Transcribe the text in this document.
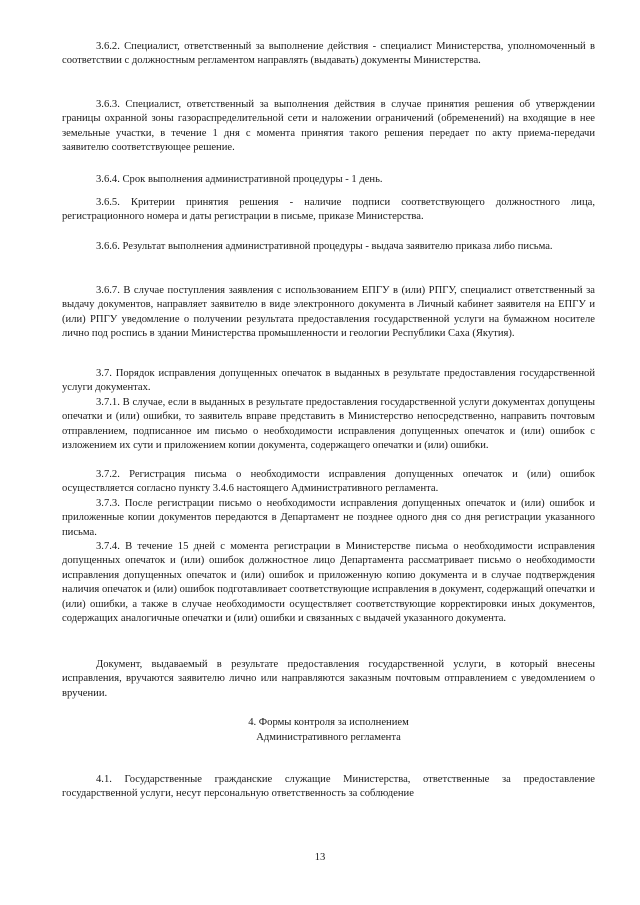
3.6.2. Специалист, ответственный за выполнение действия - специалист Министерства, уполномоченный в соответствии с должностным регламентом направлять (выдавать) документы Министерства.

3.6.3. Специалист, ответственный за выполнения действия в случае принятия решения об утверждении границы охранной зоны газораспределительной сети и наложении ограничений (обременений) на входящие в нее земельные участки, в течение 1 дня с момента принятия такого решения передает по акту приема-передачи заявителю соответствующее решение.

3.6.4. Срок выполнения административной процедуры - 1 день.

3.6.5. Критерии принятия решения - наличие подписи соответствующего должностного лица, регистрационного номера и даты регистрации в письме, приказе Министерства.

3.6.6. Результат выполнения административной процедуры - выдача заявителю приказа либо письма.

3.6.7. В случае поступления заявления с использованием ЕПГУ в (или) РПГУ, специалист ответственный за выдачу документов, направляет заявителю в виде электронного документа в Личный кабинет заявителя на ЕПГУ и (или) РПГУ уведомление о получении результата предоставления государственной услуги на бумажном носителе лично под роспись в здании Министерства промышленности и геологии Республики Саха (Якутия).

3.7. Порядок исправления допущенных опечаток в выданных в результате предоставления государственной услуги документах.

3.7.1. В случае, если в выданных в результате предоставления государственной услуги документах допущены опечатки и (или) ошибки, то заявитель вправе представить в Министерство непосредственно, направить почтовым отправлением, подписанное им письмо о необходимости исправления допущенных опечаток и (или) ошибок с изложением их сути и приложением копии документа, содержащего опечатки и (или) ошибки.

3.7.2. Регистрация письма о необходимости исправления допущенных опечаток и (или) ошибок осуществляется согласно пункту 3.4.6 настоящего Административного регламента.

3.7.3. После регистрации письмо о необходимости исправления допущенных опечаток и (или) ошибок и приложенные копии документов передаются в Департамент не позднее одного дня со дня регистрации указанного письма.

3.7.4. В течение 15 дней с момента регистрации в Министерстве письма о необходимости исправления допущенных опечаток и (или) ошибок должностное лицо Департамента рассматривает письмо о необходимости исправления допущенных опечаток и (или) ошибок и приложенную копию документа и в случае подтверждения наличия опечаток и (или) ошибок подготавливает соответствующие исправления в документ, содержащий опечатки и (или) ошибки, а также в случае необходимости осуществляет соответствующие корректировки иных документов, содержащих аналогичные опечатки и (или) ошибки и связанных с выдачей указанного документа.

Документ, выдаваемый в результате предоставления государственной услуги, в который внесены исправления, вручаются заявителю лично или направляются заказным почтовым отправлением с уведомлением о вручении.

4. Формы контроля за исполнением

Административного регламента

4.1. Государственные гражданские служащие Министерства, ответственные за предоставление государственной услуги, несут персональную ответственность за соблюдение

13
